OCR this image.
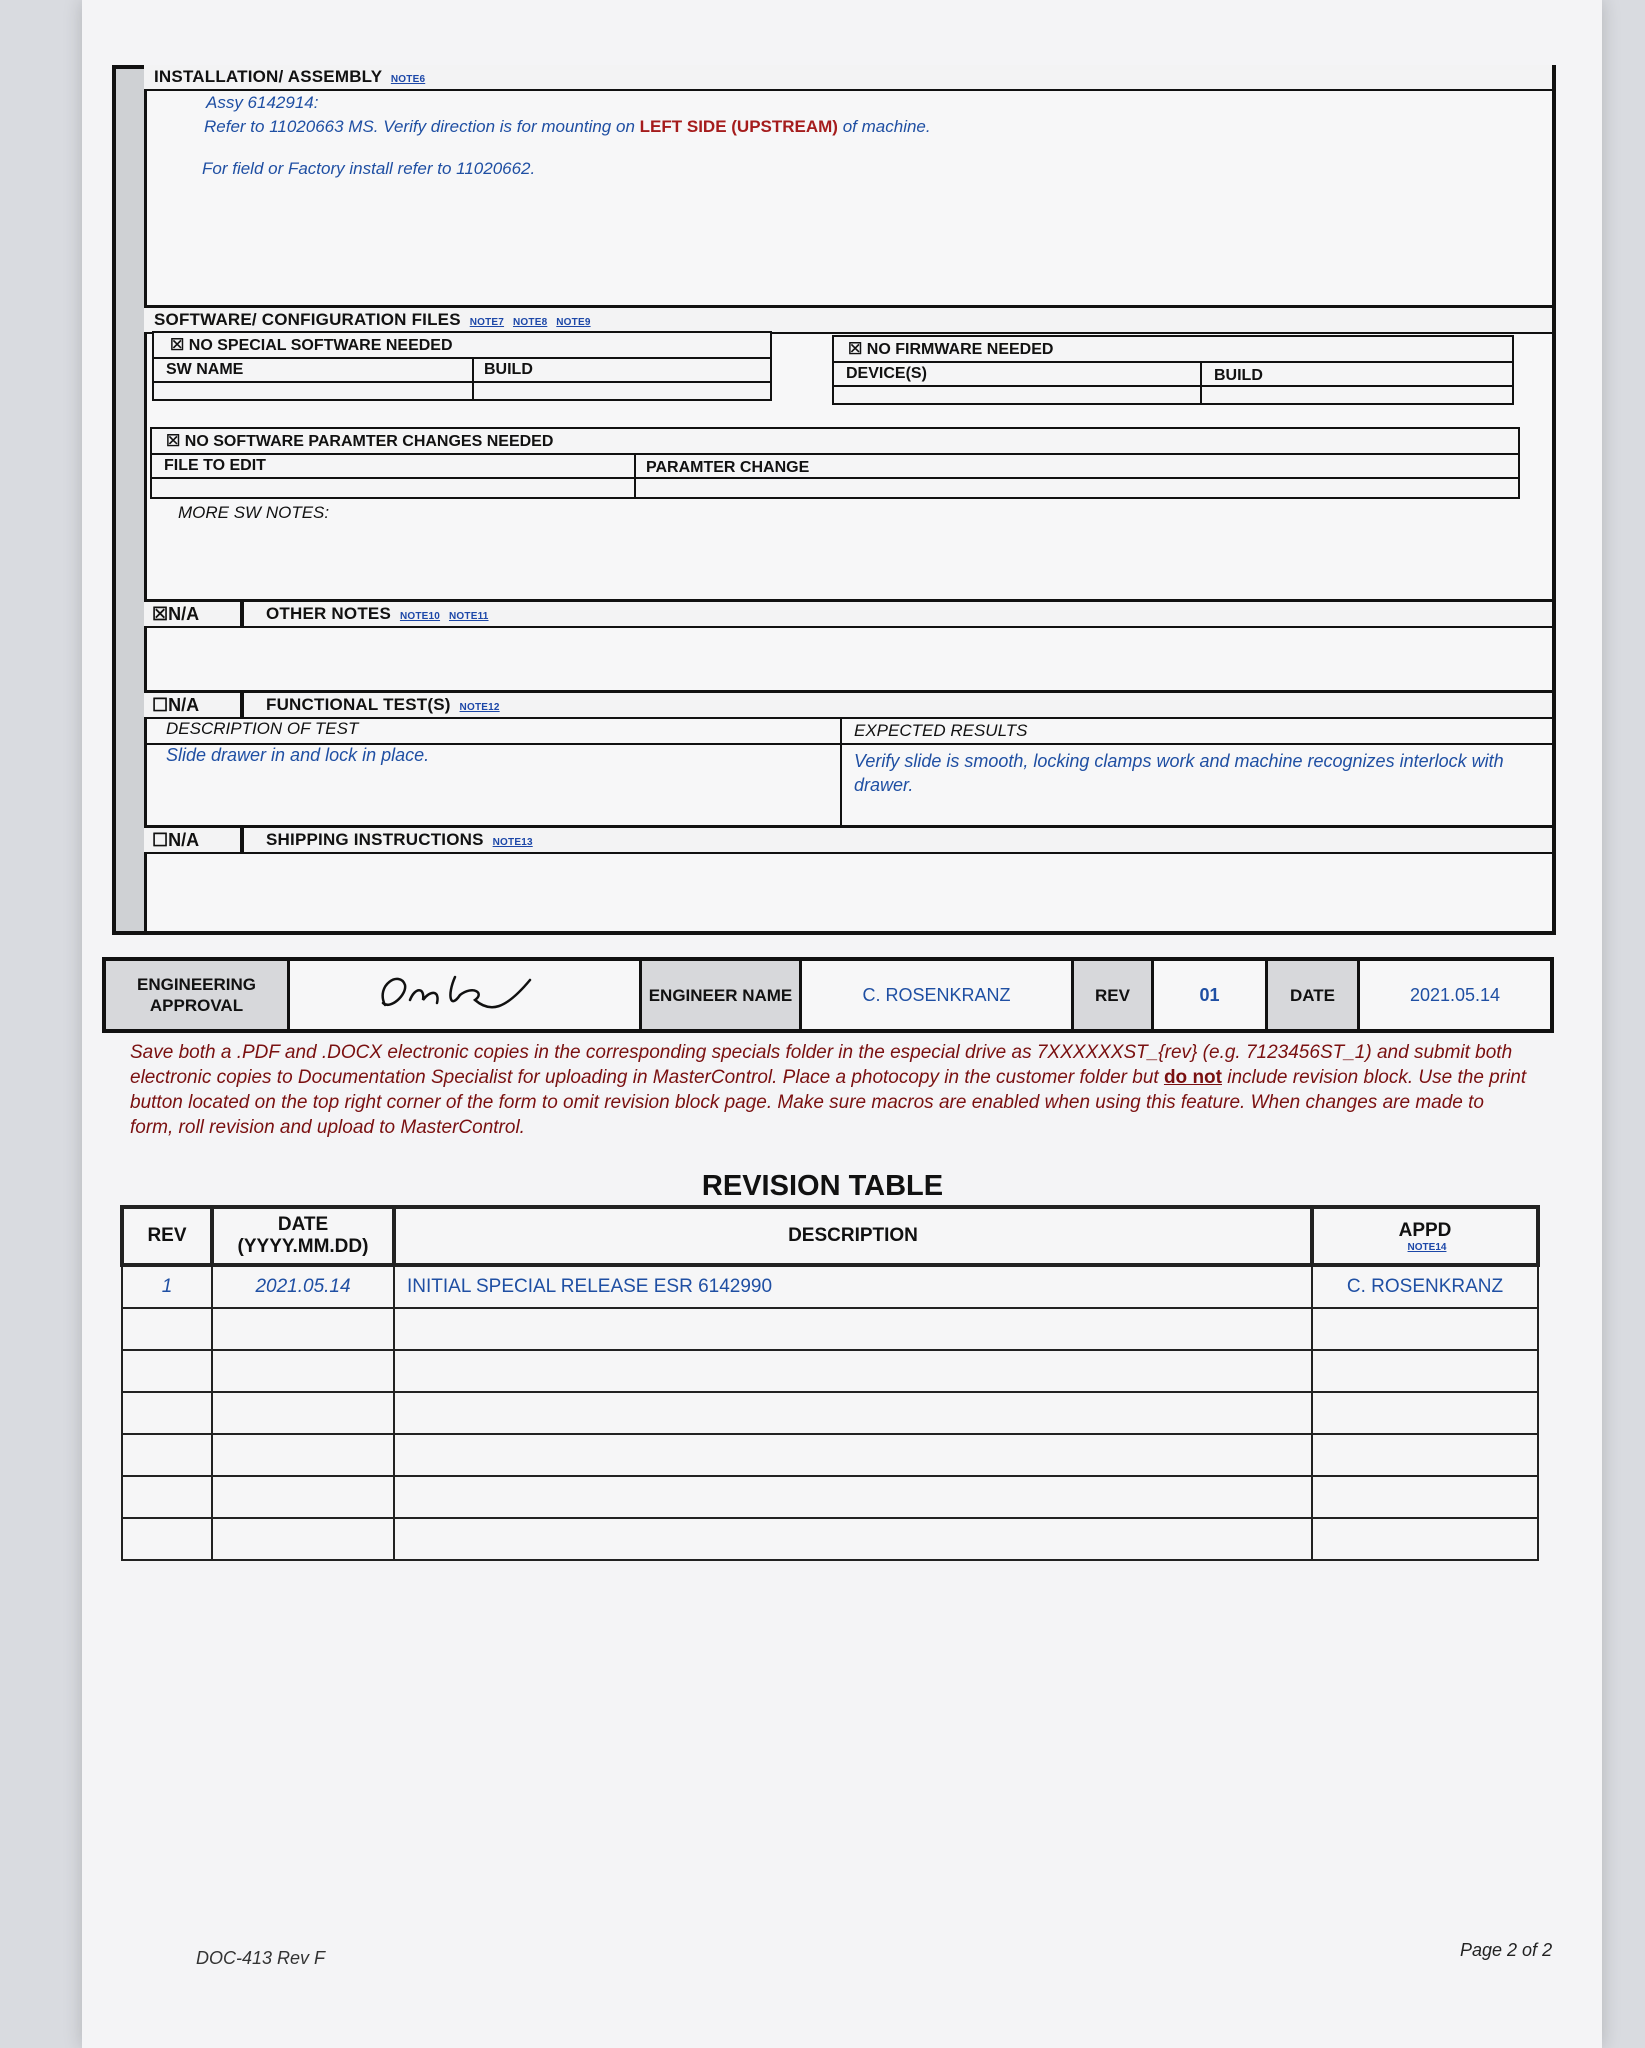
INSTALLATION/ ASSEMBLY NOTE6
Assy 6142914:
Refer to 11020663 MS. Verify direction is for mounting on LEFT SIDE (UPSTREAM) of machine.
For field or Factory install refer to 11020662.
SOFTWARE/ CONFIGURATION FILES NOTE7 NOTE8 NOTE9
☒ NO SPECIAL SOFTWARE NEEDED
SW NAME	BUILD
☒ NO FIRMWARE NEEDED
DEVICE(S)	BUILD
☒ NO SOFTWARE PARAMTER CHANGES NEEDED
FILE TO EDIT	PARAMTER CHANGE
MORE SW NOTES:
OTHER NOTES NOTE10 NOTE11
☒N/A
FUNCTIONAL TEST(S) NOTE12
☐N/A
DESCRIPTION OF TEST	EXPECTED RESULTS
Slide drawer in and lock in place.	Verify slide is smooth, locking clamps work and machine recognizes interlock with drawer.
SHIPPING INSTRUCTIONS NOTE13
☐N/A
ENGINEERING APPROVAL
ENGINEER NAME	C. ROSENKRANZ	REV	01	DATE	2021.05.14
Save both a .PDF and .DOCX electronic copies in the corresponding specials folder in the especial drive as 7XXXXXXST_{rev} (e.g. 7123456ST_1) and submit both electronic copies to Documentation Specialist for uploading in MasterControl. Place a photocopy in the customer folder but do not include revision block. Use the print button located on the top right corner of the form to omit revision block page. Make sure macros are enabled when using this feature. When changes are made to form, roll revision and upload to MasterControl.
REVISION TABLE
REV	DATE (YYYY.MM.DD)	DESCRIPTION	APPD
NOTE14

1	2021.05.14	INITIAL SPECIAL RELEASE ESR 6142990	C. ROSENKRANZ

DOC-413 Rev F	Page 2 of 2
